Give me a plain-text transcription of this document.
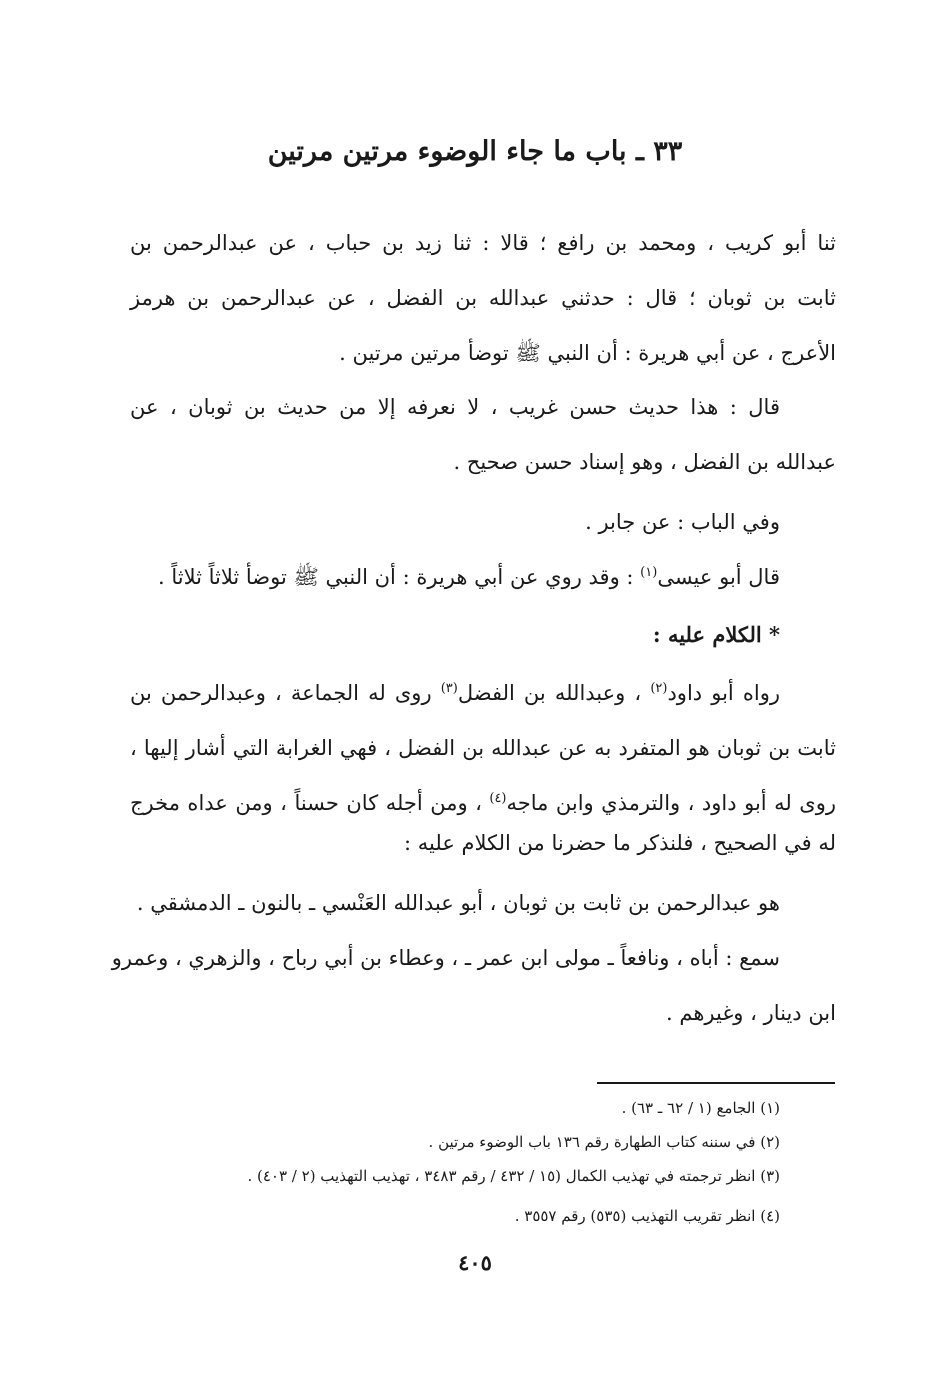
٣٣ ـ باب ما جاء الوضوء مرتين مرتين
ثنا أبو كريب ، ومحمد بن رافع ؛ قالا : ثنا زيد بن حباب ، عن عبدالرحمن بن
ثابت بن ثوبان ؛ قال : حدثني عبدالله بن الفضل ، عن عبدالرحمن بن هرمز
الأعرج ، عن أبي هريرة : أن النبي ﷺ توضأ مرتين مرتين .
قال : هذا حديث حسن غريب ، لا نعرفه إلا من حديث بن ثوبان ، عن
عبدالله بن الفضل ، وهو إسناد حسن صحيح .
وفي الباب : عن جابر .
قال أبو عيسى$^{(١)}$ : وقد روي عن أبي هريرة : أن النبي ﷺ توضأ ثلاثاً ثلاثاً .
* الكلام عليه :
رواه أبو داود$^{(٢)}$ ، وعبدالله بن الفضل$^{(٣)}$ روى له الجماعة ، وعبدالرحمن بن
ثابت بن ثوبان هو المتفرد به عن عبدالله بن الفضل ، فهي الغرابة التي أشار إليها ،
روى له أبو داود ، والترمذي وابن ماجه$^{(٤)}$ ، ومن أجله كان حسناً ، ومن عداه مخرج
له في الصحيح ، فلنذكر ما حضرنا من الكلام عليه :
هو عبدالرحمن بن ثابت بن ثوبان ، أبو عبدالله العَنْسي ـ بالنون ـ الدمشقي .
سمع : أباه ، ونافعاً ـ مولى ابن عمر ـ ، وعطاء بن أبي رباح ، والزهري ، وعمرو
ابن دينار ، وغيرهم .
(١) الجامع (١ / ٦٢ ـ ٦٣) .
(٢) في سننه كتاب الطهارة رقم ١٣٦ باب الوضوء مرتين .
(٣) انظر ترجمته في تهذيب الكمال (١٥ / ٤٣٢ / رقم ٣٤٨٣ ، تهذيب التهذيب (٢ / ٤٠٣) .
(٤) انظر تقريب التهذيب (٥٣٥) رقم ٣٥٥٧ .
٤٠٥
